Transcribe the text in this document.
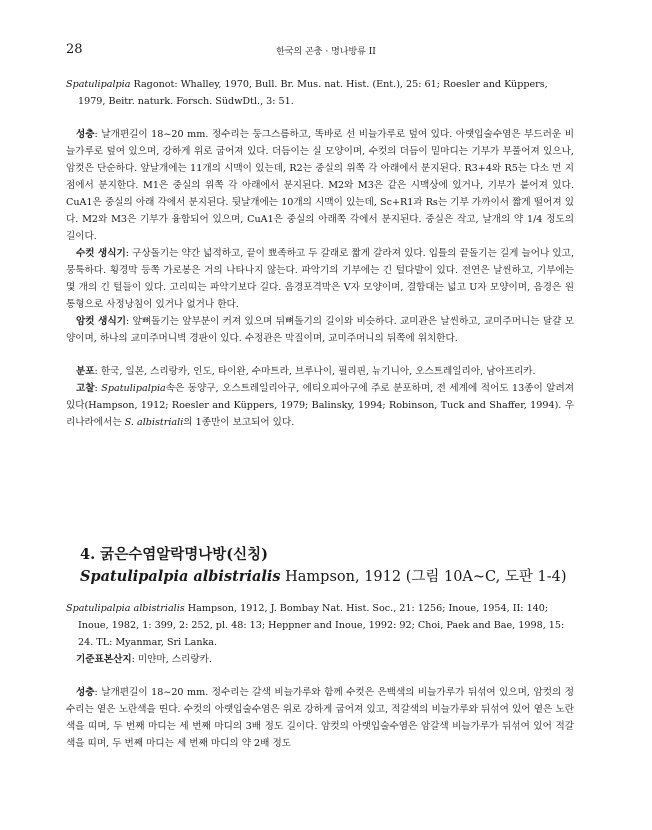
28	한국의 곤충 · 명나방류 II

Spatulipalpia Ragonot: Whalley, 1970, Bull. Br. Mus. nat. Hist. (Ent.), 25: 61; Roesler and Küppers, 1979, Beitr. naturk. Forsch. SüdwDtl., 3: 51.

성충: 날개편길이 18~20 mm. 정수리는 둥그스름하고, 똑바로 선 비늘가루로 덮여 있다. 아랫입술수염은 부드러운 비늘가루로 덮여 있으며, 강하게 위로 굽어져 있다. 더듬이는 실 모양이며, 수컷의 더듬이 밑마디는 기부가 부풀어져 있으나, 암컷은 단순하다. 앞날개에는 11개의 시맥이 있는데, R2는 중실의 위쪽 각 아래에서 분지된다. R3+4와 R5는 다소 먼 지점에서 분지한다. M1은 중실의 위쪽 각 아래에서 분지된다. M2와 M3은 같은 시맥상에 있거나, 기부가 붙어져 있다. CuA1은 중실의 아래 각에서 분지된다. 뒷날개에는 10개의 시맥이 있는데, Sc+R1과 Rs는 기부 가까이서 짧게 떨어져 있다. M2와 M3은 기부가 융합되어 있으며, CuA1은 중실의 아래쪽 각에서 분지된다. 중실은 작고, 날개의 약 1/4 정도의 길이다.

수컷 생식기: 구상돌기는 약간 넓적하고, 끝이 뾰족하고 두 갈래로 짧게 갈라져 있다. 입틀의 끝돌기는 길게 늘어나 있고, 뭉툭하다. 횡경막 등쪽 가로봉은 거의 나타나지 않는다. 파악기의 기부에는 긴 털다발이 있다. 전연은 날씬하고, 기부에는 몇 개의 긴 털들이 있다. 고리띠는 파악기보다 길다. 음경포격막은 V자 모양이며, 결합대는 넓고 U자 모양이며, 음경은 원통형으로 사정낭침이 있거나 없거나 한다.

암컷 생식기: 앞뼈돌기는 앞부분이 커져 있으며 뒤뼈돌기의 길이와 비슷하다. 교미관은 날씬하고, 교미주머니는 달걀 모양이며, 하나의 교미주머니벽 경판이 있다. 수정관은 막질이며, 교미주머니의 뒤쪽에 위치한다.

분포: 한국, 일본, 스리랑카, 인도, 타이완, 수마트라, 브루나이, 필리핀, 뉴기니아, 오스트레일리아, 남아프리카.

고찰: Spatulipalpia속은 동양구, 오스트레일리아구, 에티오피아구에 주로 분포하며, 전 세계에 적어도 13종이 알려져 있다(Hampson, 1912; Roesler and Küppers, 1979; Balinsky, 1994; Robinson, Tuck and Shaffer, 1994). 우리나라에서는 S. albistriali의 1종만이 보고되어 있다.

4. 굵은수염알락명나방(신칭)
Spatulipalpia albistrialis Hampson, 1912 (그림 10A~C, 도판 1-4)

Spatulipalpia albistrialis Hampson, 1912, J. Bombay Nat. Hist. Soc., 21: 1256; Inoue, 1954, II: 140; Inoue, 1982, 1: 399, 2: 252, pl. 48: 13; Heppner and Inoue, 1992: 92; Choi, Paek and Bae, 1998, 15: 24. TL: Myanmar, Sri Lanka.

기준표본산지: 미얀마, 스리랑카.

성충: 날개편길이 18~20 mm. 정수리는 갈색 비늘가루와 함께 수컷은 은백색의 비늘가루가 뒤섞여 있으며, 암컷의 정수리는 옅은 노란색을 띤다. 수컷의 아랫입술수염은 위로 강하게 굽어져 있고, 적갈색의 비늘가루와 뒤섞여 있어 옅은 노란색을 띠며, 두 번째 마디는 세 번째 마디의 3배 정도 길이다. 암컷의 아랫입술수염은 암갈색 비늘가루가 뒤섞여 있어 적갈색을 띠며, 두 번째 마디는 세 번째 마디의 약 2배 정도
